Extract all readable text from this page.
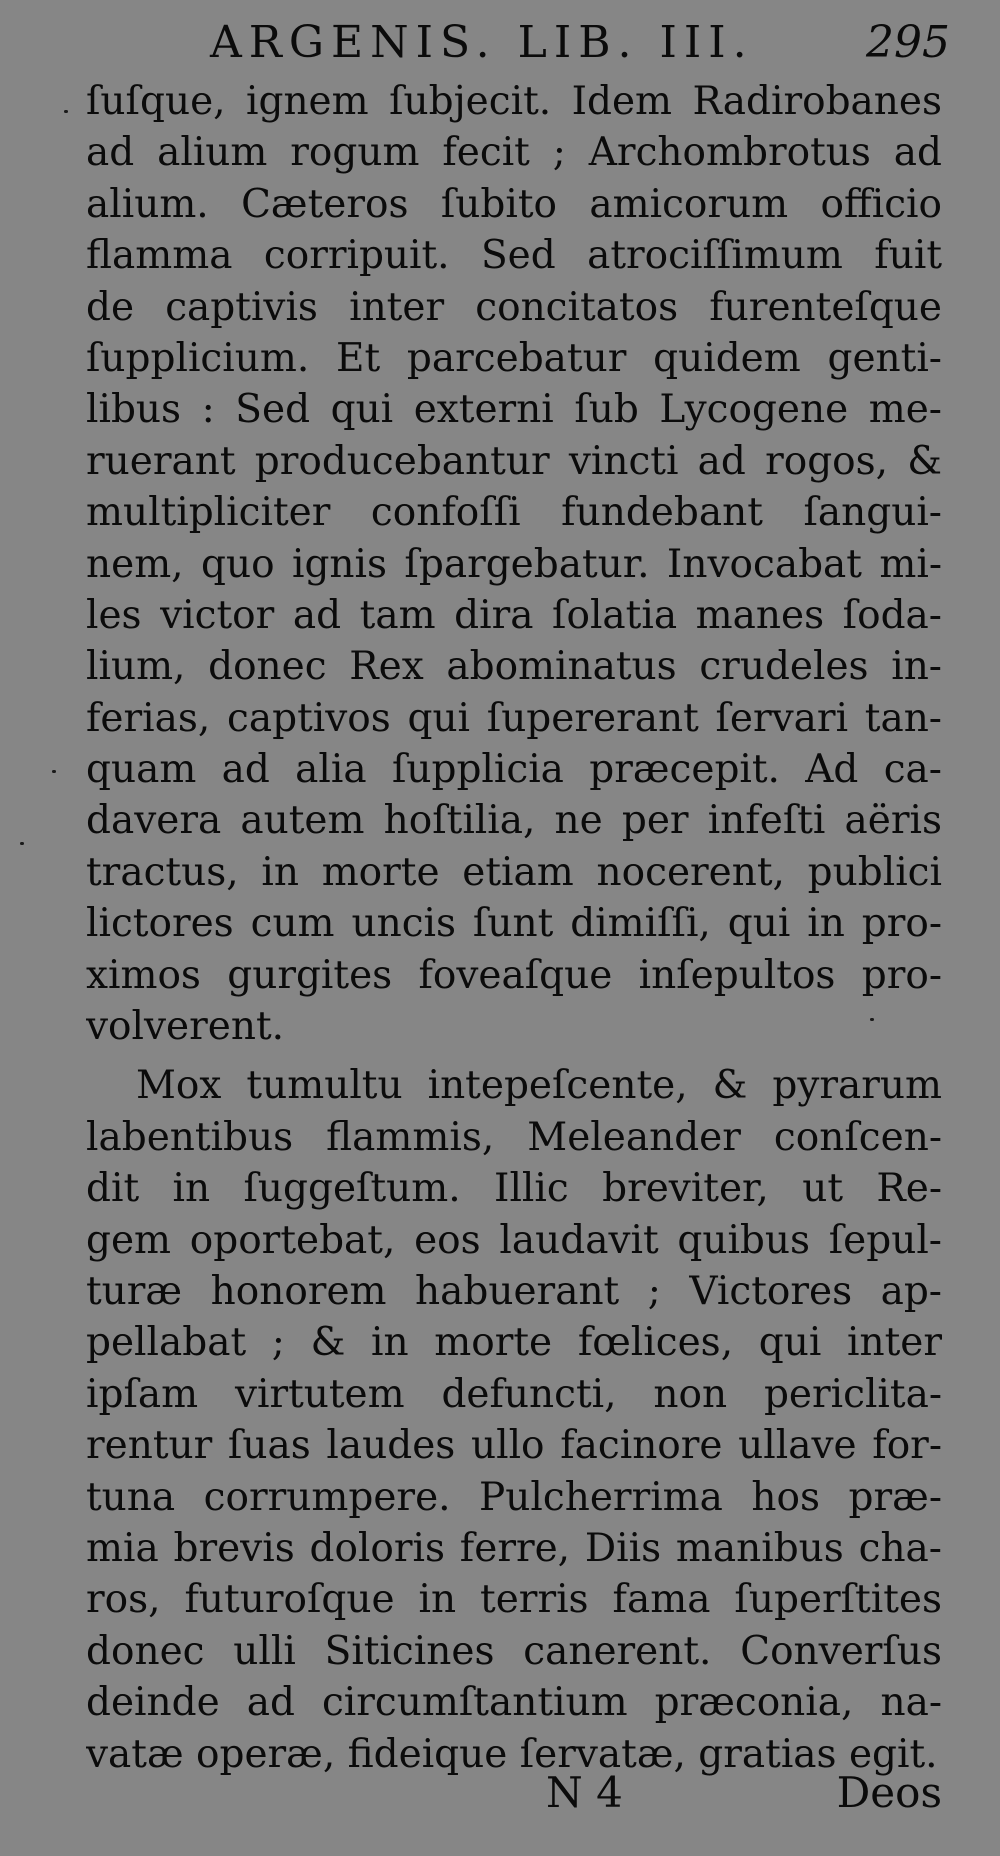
ARGENIS. LIB. III.	295
ſuſque, ignem ſubjecit. Idem Radirobanes
ad alium rogum fecit ; Archombrotus ad
alium. Cæteros ſubito amicorum officio
flamma corripuit. Sed atrociſſimum fuit
de captivis inter concitatos furenteſque
ſupplicium. Et parcebatur quidem genti-
libus : Sed qui externi ſub Lycogene me-
ruerant producebantur vincti ad rogos, &
multipliciter confoſſi fundebant ſangui-
nem, quo ignis ſpargebatur. Invocabat mi-
les victor ad tam dira ſolatia manes ſoda-
lium, donec Rex abominatus crudeles in-
ferias, captivos qui ſupererant ſervari tan-
quam ad alia ſupplicia præcepit. Ad ca-
davera autem hoſtilia, ne per infeſti aëris
tractus, in morte etiam nocerent, publici
lictores cum uncis ſunt dimiſſi, qui in pro-
ximos gurgites foveaſque inſepultos pro-
volverent.
Mox tumultu intepeſcente, & pyrarum
labentibus flammis, Meleander conſcen-
dit in ſuggeſtum. Illic breviter, ut Re-
gem oportebat, eos laudavit quibus ſepul-
turæ honorem habuerant ; Victores ap-
pellabat ; & in morte fœlices, qui inter
ipſam virtutem defuncti, non periclita-
rentur ſuas laudes ullo facinore ullave for-
tuna corrumpere. Pulcherrima hos præ-
mia brevis doloris ferre, Diis manibus cha-
ros, futuroſque in terris fama ſuperſtites
donec ulli Siticines canerent. Converſus
deinde ad circumſtantium præconia, na-
vatæ operæ, fideique ſervatæ, gratias egit.
N 4	Deos
